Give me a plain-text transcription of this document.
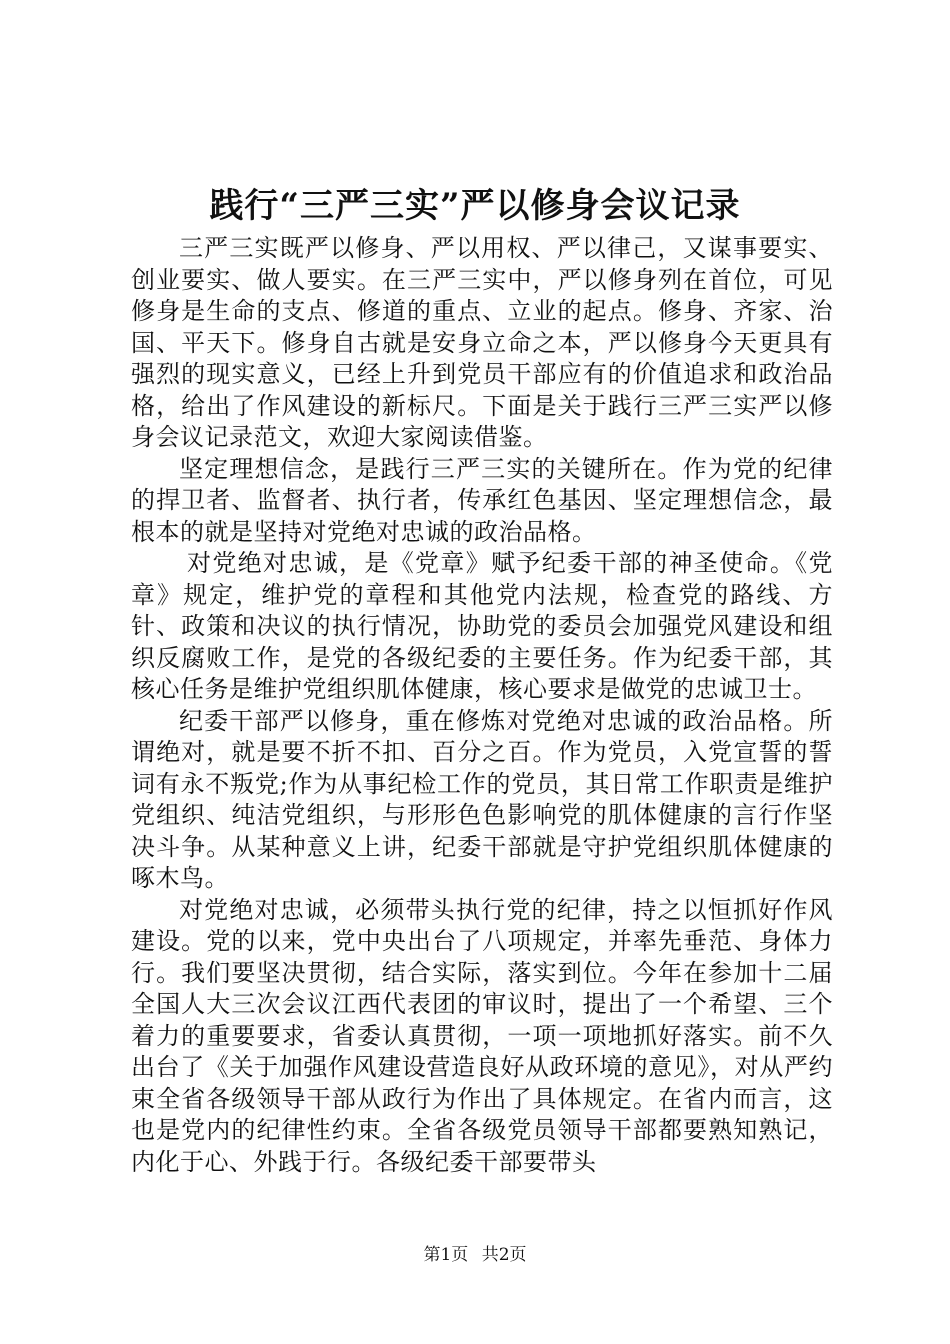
践行“三严三实”严以修身会议记录

三严三实既严以修身、严以用权、严以律己，又谋事要实、创业要实、做人要实。在三严三实中，严以修身列在首位，可见修身是生命的支点、修道的重点、立业的起点。修身、齐家、治国、平天下。修身自古就是安身立命之本，严以修身今天更具有强烈的现实意义，已经上升到党员干部应有的价值追求和政治品格，给出了作风建设的新标尺。下面是关于践行三严三实严以修身会议记录范文，欢迎大家阅读借鉴。

坚定理想信念，是践行三严三实的关键所在。作为党的纪律的捍卫者、监督者、执行者，传承红色基因、坚定理想信念，最根本的就是坚持对党绝对忠诚的政治品格。

对党绝对忠诚，是《党章》赋予纪委干部的神圣使命。《党章》规定，维护党的章程和其他党内法规，检查党的路线、方针、政策和决议的执行情况，协助党的委员会加强党风建设和组织反腐败工作，是党的各级纪委的主要任务。作为纪委干部，其核心任务是维护党组织肌体健康，核心要求是做党的忠诚卫士。

纪委干部严以修身，重在修炼对党绝对忠诚的政治品格。所谓绝对，就是要不折不扣、百分之百。作为党员，入党宣誓的誓词有永不叛党;作为从事纪检工作的党员，其日常工作职责是维护党组织、纯洁党组织，与形形色色影响党的肌体健康的言行作坚决斗争。从某种意义上讲，纪委干部就是守护党组织肌体健康的啄木鸟。

对党绝对忠诚，必须带头执行党的纪律，持之以恒抓好作风建设。党的以来，党中央出台了八项规定，并率先垂范、身体力行。我们要坚决贯彻，结合实际，落实到位。今年在参加十二届全国人大三次会议江西代表团的审议时，提出了一个希望、三个着力的重要要求，省委认真贯彻，一项一项地抓好落实。前不久出台了《关于加强作风建设营造良好从政环境的意见》，对从严约束全省各级领导干部从政行为作出了具体规定。在省内而言，这也是党内的纪律性约束。全省各级党员领导干部都要熟知熟记，内化于心、外践于行。各级纪委干部要带头

第1页 共2页
